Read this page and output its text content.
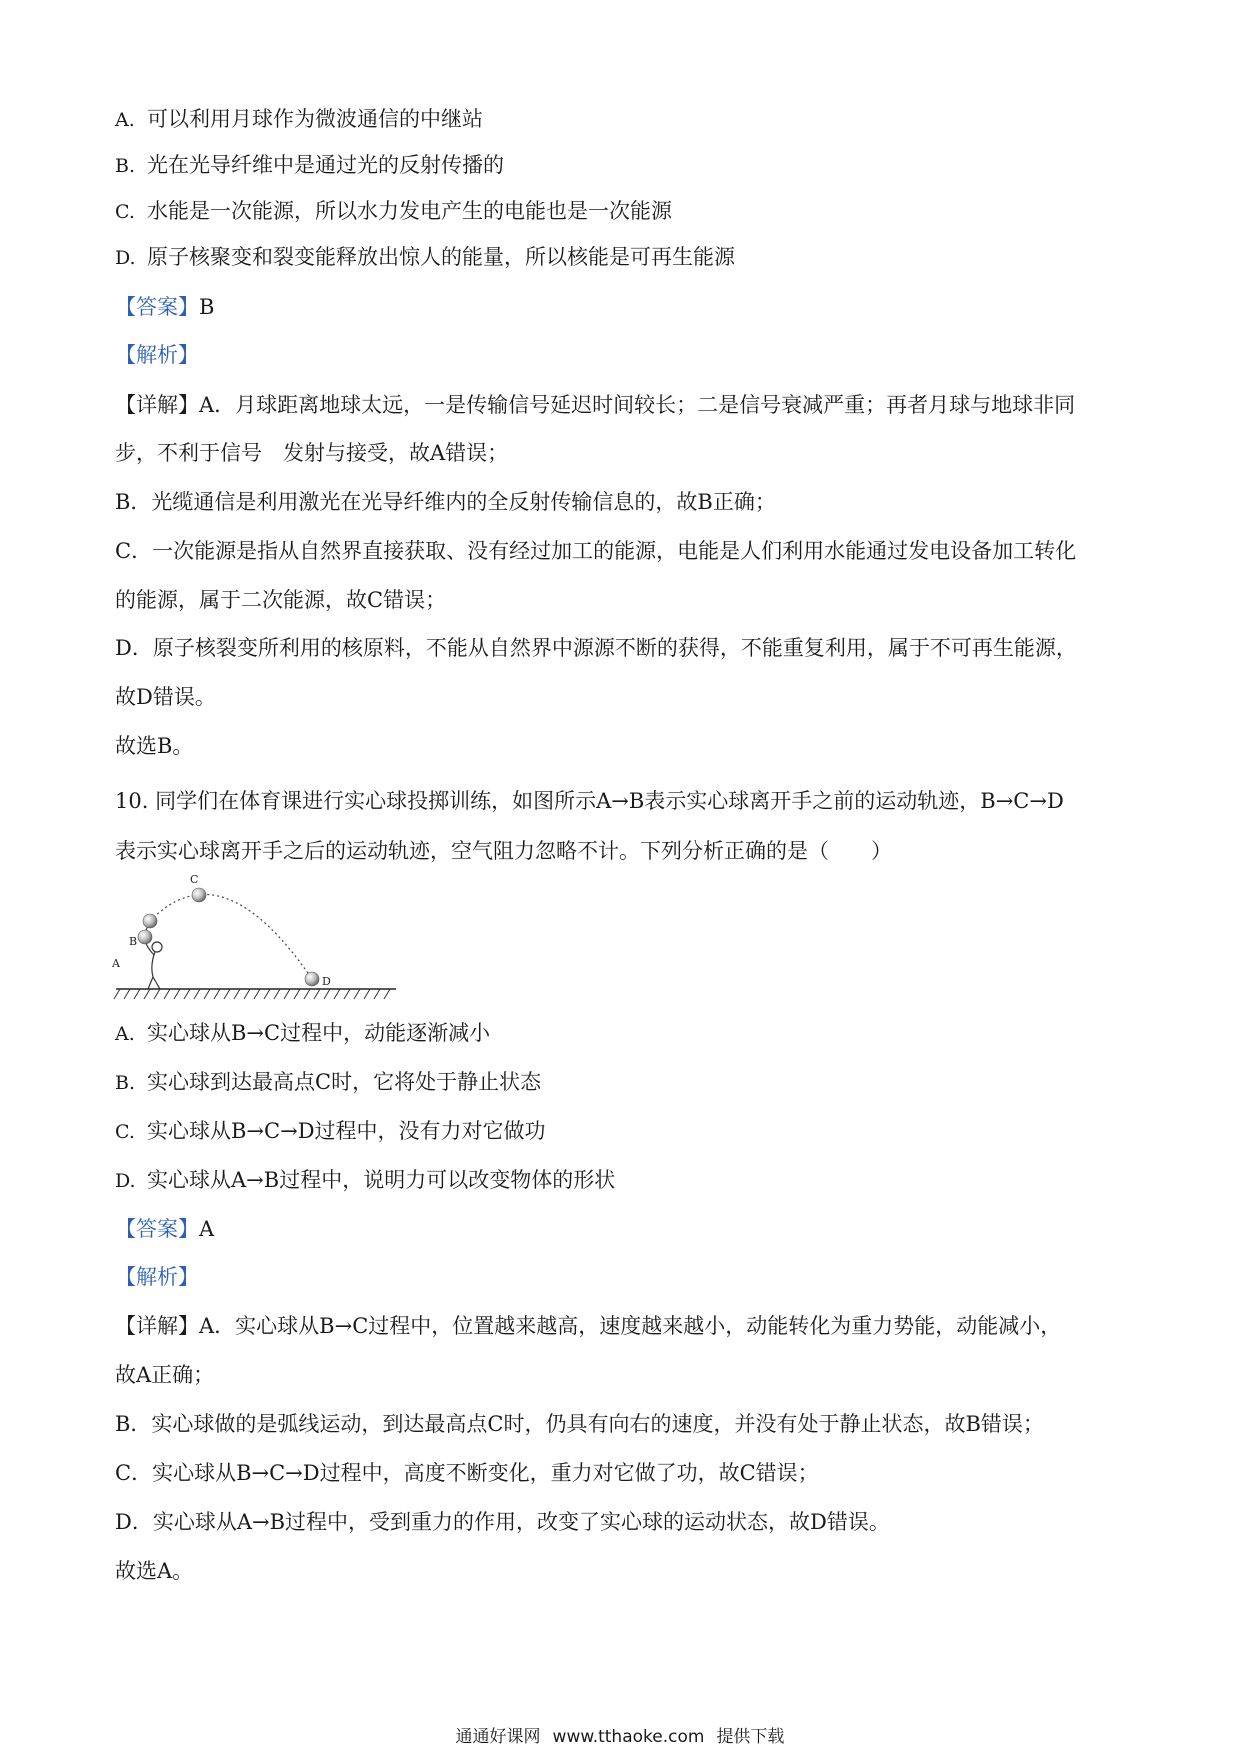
A. 可以利用月球作为微波通信的中继站
B. 光在光导纤维中是通过光的反射传播的
C. 水能是一次能源，所以水力发电产生的电能也是一次能源
D. 原子核聚变和裂变能释放出惊人的能量，所以核能是可再生能源
【答案】B
【解析】
【详解】A．月球距离地球太远，一是传输信号延迟时间较长；二是信号衰减严重；再者月球与地球非同
步，不利于信号　发射与接受，故A错误；
B．光缆通信是利用激光在光导纤维内的全反射传输信息的，故B正确；
C．一次能源是指从自然界直接获取、没有经过加工的能源，电能是人们利用水能通过发电设备加工转化
的能源，属于二次能源，故C错误；
D．原子核裂变所利用的核原料，不能从自然界中源源不断的获得，不能重复利用，属于不可再生能源，
故D错误。
故选B。
10. 同学们在体育课进行实心球投掷训练，如图所示A→B表示实心球离开手之前的运动轨迹，B→C→D
表示实心球离开手之后的运动轨迹，空气阻力忽略不计。下列分析正确的是（　　）
A
B
C
D
A. 实心球从B→C过程中，动能逐渐减小
B. 实心球到达最高点C时，它将处于静止状态
C. 实心球从B→C→D过程中，没有力对它做功
D. 实心球从A→B过程中，说明力可以改变物体的形状
【答案】A
【解析】
【详解】A．实心球从B→C过程中，位置越来越高，速度越来越小，动能转化为重力势能，动能减小，
故A正确；
B．实心球做的是弧线运动，到达最高点C时，仍具有向右的速度，并没有处于静止状态，故B错误；
C．实心球从B→C→D过程中，高度不断变化，重力对它做了功，故C错误；
D．实心球从A→B过程中，受到重力的作用，改变了实心球的运动状态，故D错误。
故选A。
通通好课网 www.tthaoke.com 提供下载
